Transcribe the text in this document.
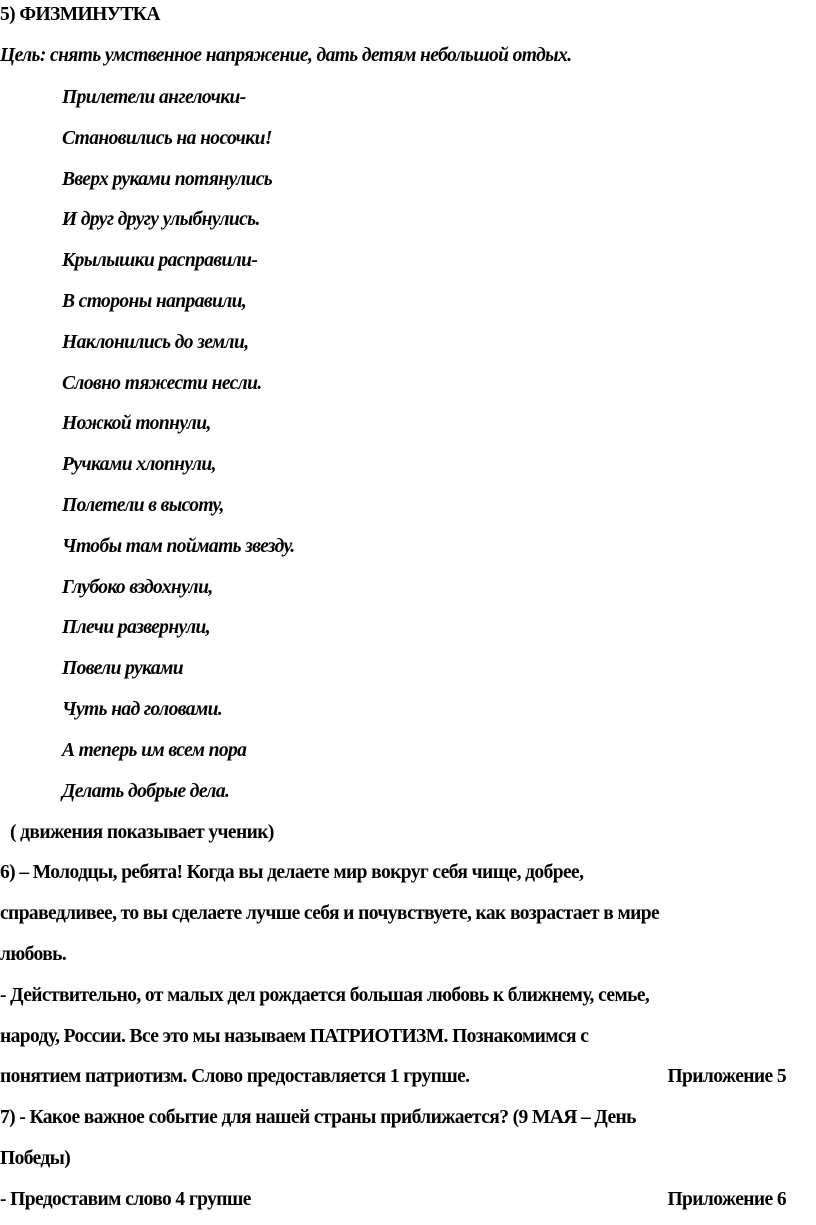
5) ФИЗМИНУТКА
Цель: снять умственное напряжение, дать детям небольшой отдых.
Прилетели ангелочки-
Становились на носочки!
Вверх руками потянулись
И друг другу улыбнулись.
Крылышки расправили-
В стороны направили,
Наклонились до земли,
Словно тяжести несли.
Ножкой топнули,
Ручками хлопнули,
Полетели в высоту,
Чтобы там поймать звезду.
Глубоко вздохнули,
Плечи развернули,
Повели руками
Чуть над головами.
А теперь им всем пора
Делать добрые дела.
( движения показывает ученик)
6) – Молодцы, ребята! Когда вы делаете мир вокруг себя чище, добрее,
справедливее, то вы сделаете лучше себя и почувствуете, как возрастает в мире
любовь.
- Действительно, от малых дел рождается большая любовь к ближнему, семье,
народу, России. Все это мы называем ПАТРИОТИЗМ. Познакомимся с
понятием патриотизм. Слово предоставляется 1 групше.	Приложение 5
7) - Какое важное событие для нашей страны приближается? (9 МАЯ – День
Победы)
- Предоставим слово 4 групше	Приложение 6
